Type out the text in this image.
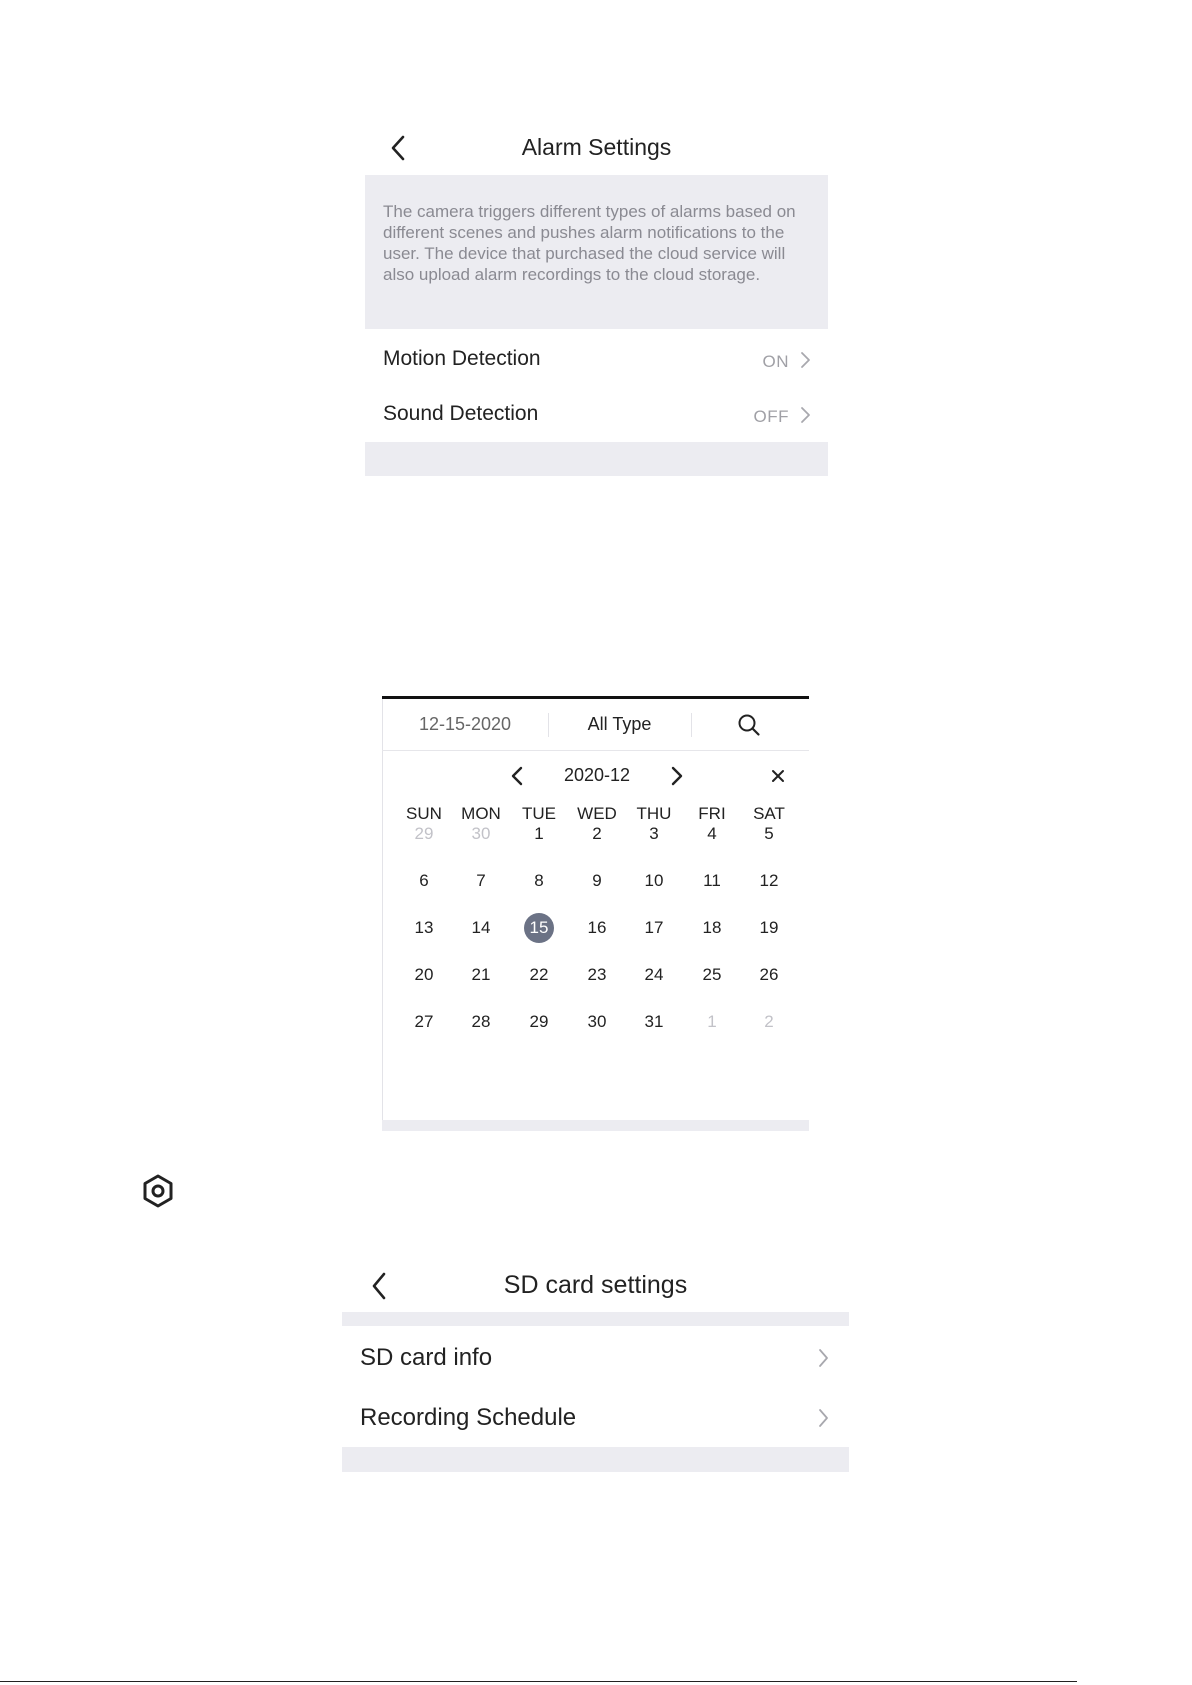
Alarm Settings
The camera triggers different types of alarms based on different scenes and pushes alarm notifications to the user. The device that purchased the cloud service will also upload alarm recordings to the cloud storage.
Motion Detection	ON
Sound Detection	OFF
12-15-2020	All Type
2020-12
SUN	MON	TUE	WED	THU	FRI	SAT
29	30	1	2	3	4	5
6	7	8	9	10	11	12
13	14	15	16	17	18	19
20	21	22	23	24	25	26
27	28	29	30	31	1	2
SD card settings
SD card info
Recording Schedule
